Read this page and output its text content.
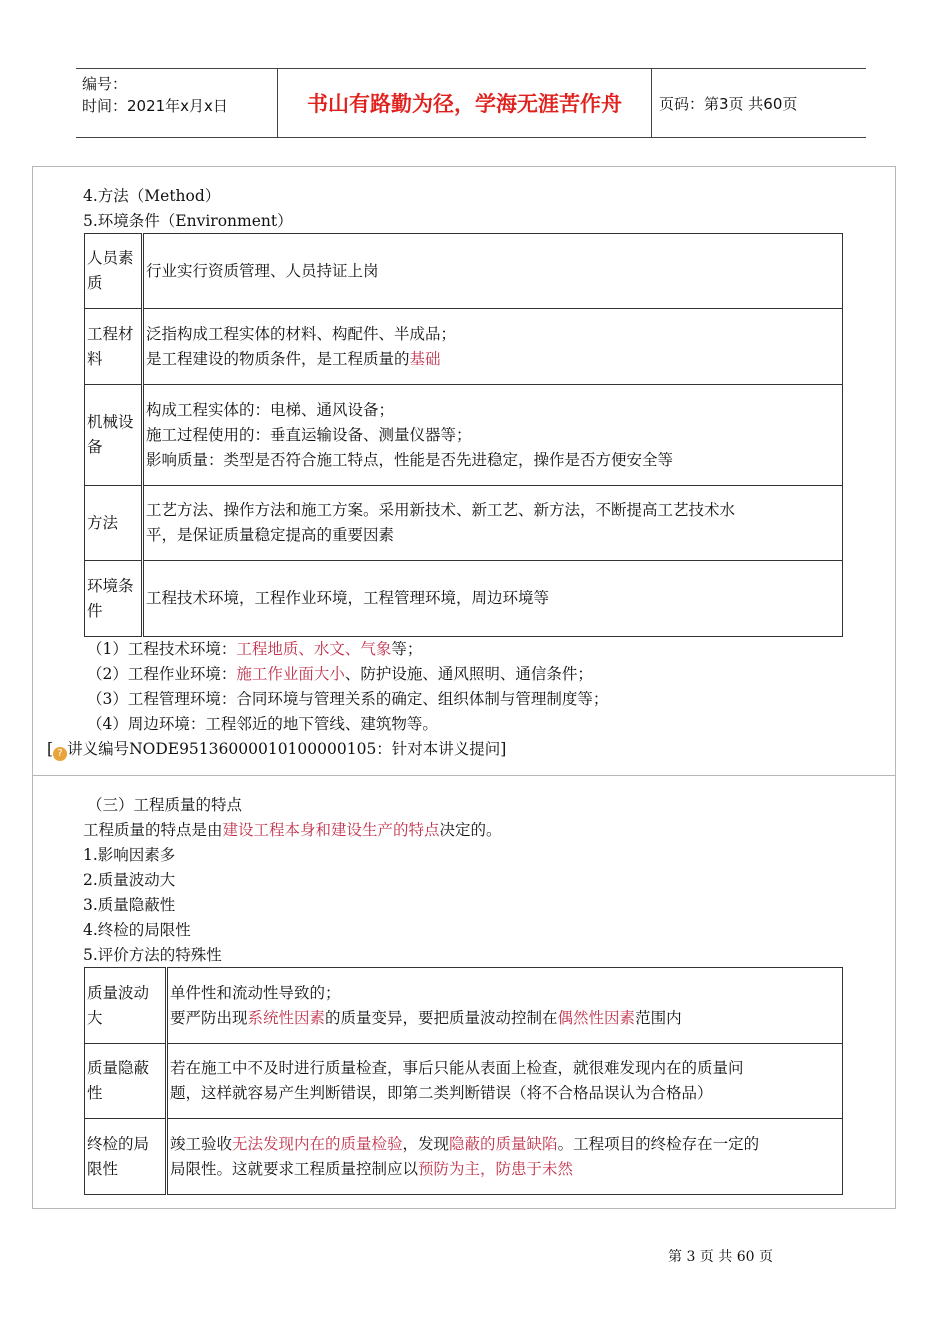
编号：
时间：2021年x月x日	书山有路勤为径，学海无涯苦作舟	页码：第3页 共60页
4.方法（Method）
5.环境条件（Environment）
人员素质	行业实行资质管理、人员持证上岗

工程材料	泛指构成工程实体的材料、构配件、半成品；
是工程建设的物质条件，是工程质量的基础

机械设备	构成工程实体的：电梯、通风设备；
施工过程使用的：垂直运输设备、测量仪器等；
影响质量：类型是否符合施工特点，性能是否先进稳定，操作是否方便安全等

方法	工艺方法、操作方法和施工方案。采用新技术、新工艺、新方法，不断提高工艺技术水
平，是保证质量稳定提高的重要因素

环境条件	工程技术环境，工程作业环境，工程管理环境，周边环境等
（1）工程技术环境：工程地质、水文、气象等；
（2）工程作业环境：施工作业面大小、防护设施、通风照明、通信条件；
（3）工程管理环境：合同环境与管理关系的确定、组织体制与管理制度等；
（4）周边环境：工程邻近的地下管线、建筑物等。
[ ? 讲义编号NODE95136000010100000105：针对本讲义提问]
（三）工程质量的特点
工程质量的特点是由建设工程本身和建设生产的特点决定的。
1.影响因素多
2.质量波动大
3.质量隐蔽性
4.终检的局限性
5.评价方法的特殊性
质量波动大	单件性和流动性导致的；
要严防出现系统性因素的质量变异，要把质量波动控制在偶然性因素范围内

质量隐蔽性	若在施工中不及时进行质量检查，事后只能从表面上检查，就很难发现内在的质量问
题，这样就容易产生判断错误，即第二类判断错误（将不合格品误认为合格品）

终检的局限性	竣工验收无法发现内在的质量检验，发现隐蔽的质量缺陷。工程项目的终检存在一定的
局限性。这就要求工程质量控制应以预防为主，防患于未然
第 3 页 共 60 页
